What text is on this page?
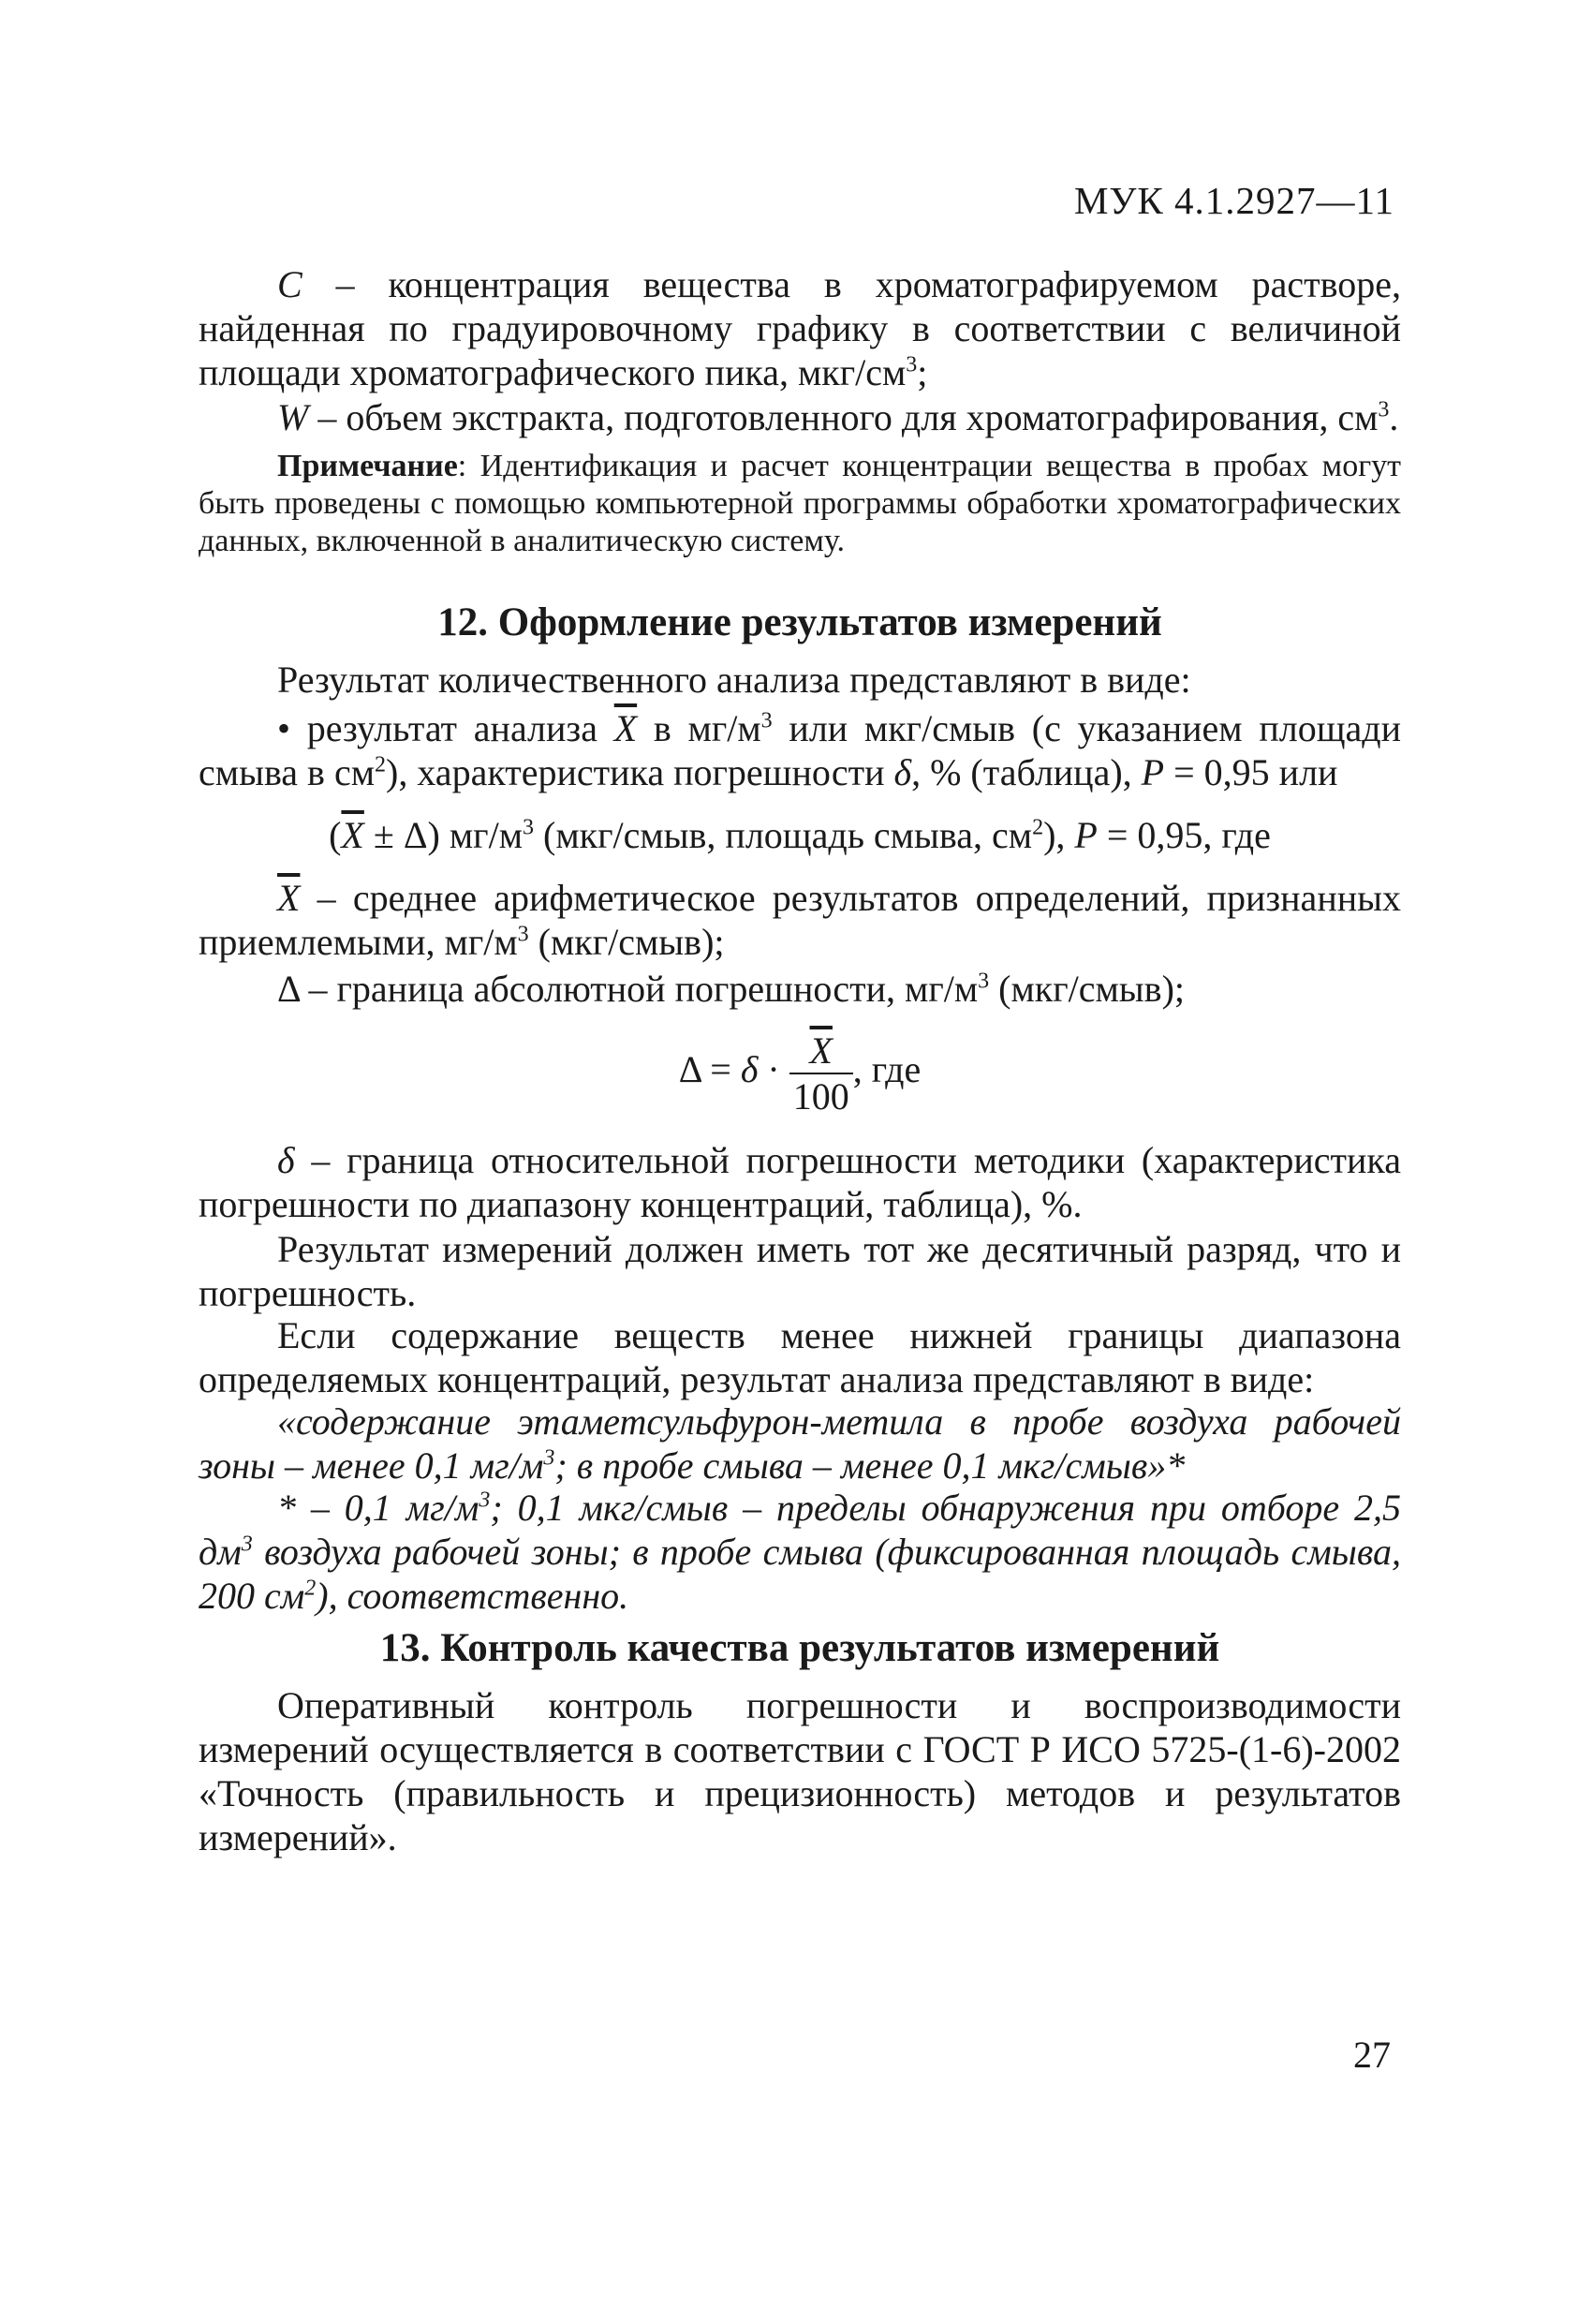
МУК 4.1.2927—11
C – концентрация вещества в хроматографируемом растворе, найденная по градуировочному графику в соответствии с величиной площади хроматографического пика, мкг/$см^3$;
W – объем экстракта, подготовленного для хроматографирования, $см^3$.
Примечание: Идентификация и расчет концентрации вещества в пробах могут быть проведены с помощью компьютерной программы обработки хроматографических данных, включенной в аналитическую систему.
12. Оформление результатов измерений
Результат количественного анализа представляют в виде:
• результат анализа $\overline{X}$ в $мг/м^3$ или мкг/смыв (с указанием площади смыва в $см^2$), характеристика погрешности δ, % (таблица), P = 0,95 или
$(\overline{X} \pm \Delta)$ $мг/м^3$ (мкг/смыв, площадь смыва, $см^2$), P = 0,95, где
$\overline{X}$ – среднее арифметическое результатов определений, признанных приемлемыми, $мг/м^3$ (мкг/смыв);
Δ – граница абсолютной погрешности, $мг/м^3$ (мкг/смыв);
$\Delta = \delta \cdot \frac{\overline{X}}{100}$ , где
δ – граница относительной погрешности методики (характеристика погрешности по диапазону концентраций, таблица), %.
Результат измерений должен иметь тот же десятичный разряд, что и погрешность.
Если содержание веществ менее нижней границы диапазона определяемых концентраций, результат анализа представляют в виде:
«содержание этаметсульфурон-метила в пробе воздуха рабочей зоны – менее 0,1 $мг/м^3$; в пробе смыва – менее 0,1 мкг/смыв»*
* – 0,1 $мг/м^3$; 0,1 мкг/смыв – пределы обнаружения при отборе 2,5 $дм^3$ воздуха рабочей зоны; в пробе смыва (фиксированная площадь смыва, 200 $см^2$), соответственно.
13. Контроль качества результатов измерений
Оперативный контроль погрешности и воспроизводимости измерений осуществляется в соответствии с ГОСТ Р ИСО 5725-(1-6)-2002 «Точность (правильность и прецизионность) методов и результатов измерений».
27
